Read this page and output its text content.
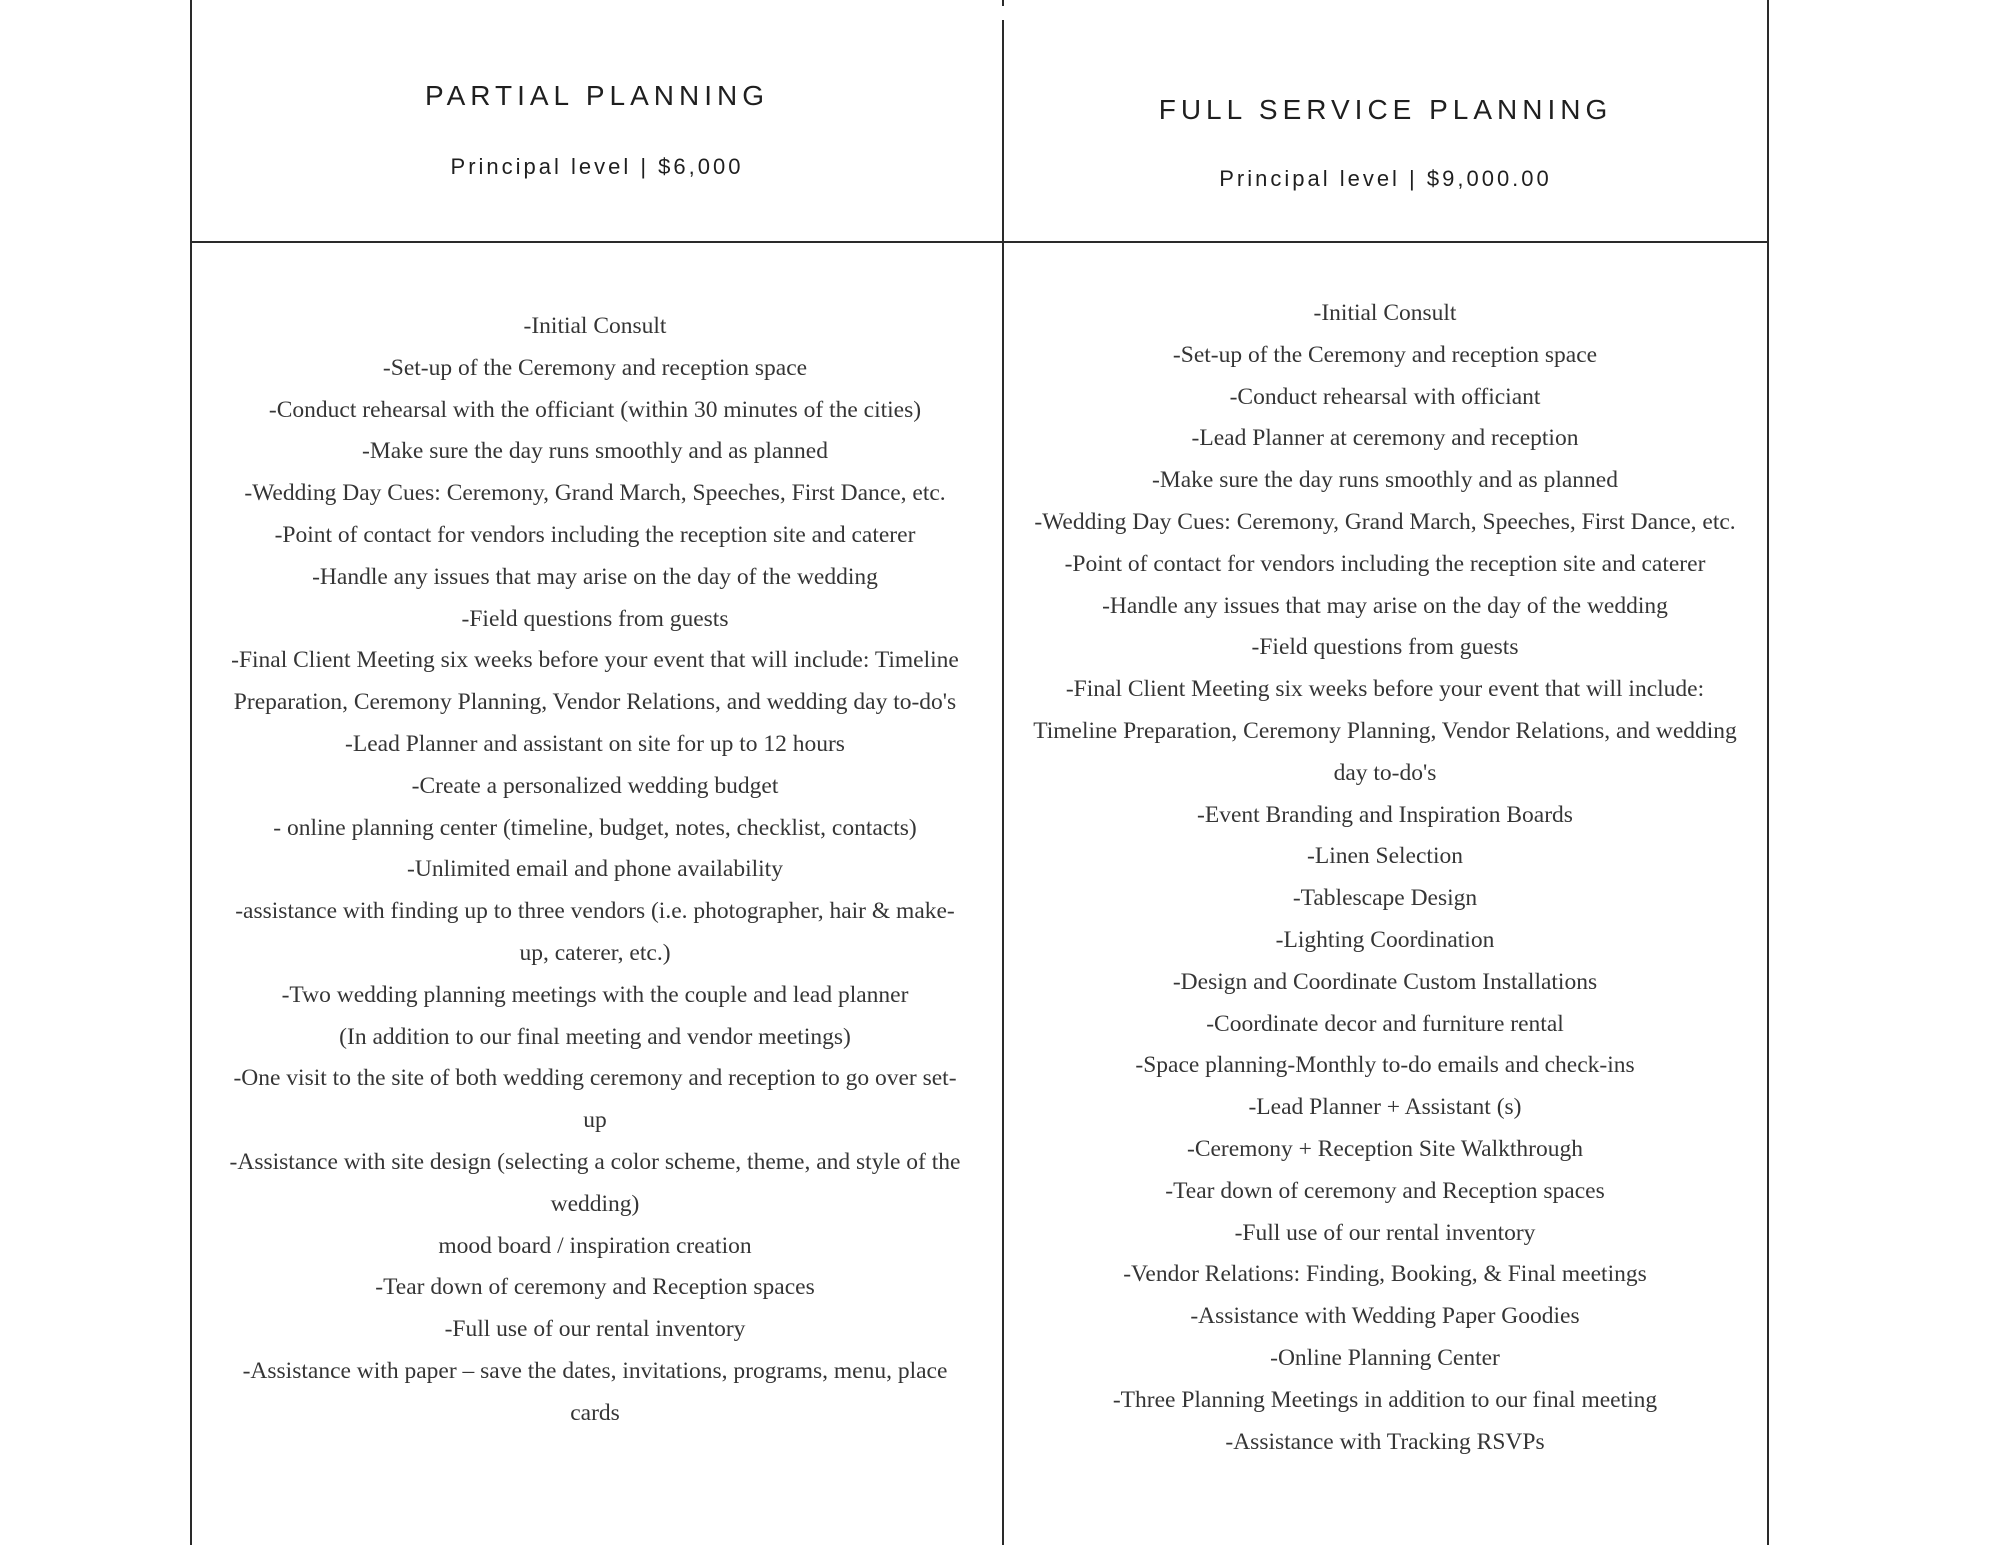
PARTIAL PLANNING
Principal level | $6,000
FULL SERVICE PLANNING
Principal level | $9,000.00
-Initial Consult
-Set-up of the Ceremony and reception space
-Conduct rehearsal with the officiant (within 30 minutes of the cities)
-Make sure the day runs smoothly and as planned
-Wedding Day Cues: Ceremony, Grand March, Speeches, First Dance, etc.
-Point of contact for vendors including the reception site and caterer
-Handle any issues that may arise on the day of the wedding
-Field questions from guests
-Final Client Meeting six weeks before your event that will include: Timeline Preparation, Ceremony Planning, Vendor Relations, and wedding day to-do's
-Lead Planner and assistant on site for up to 12 hours
-Create a personalized wedding budget
- online planning center (timeline, budget, notes, checklist, contacts)
-Unlimited email and phone availability
-assistance with finding up to three vendors (i.e. photographer, hair & make-up, caterer, etc.)
-Two wedding planning meetings with the couple and lead planner
(In addition to our final meeting and vendor meetings)
-One visit to the site of both wedding ceremony and reception to go over set-up
-Assistance with site design (selecting a color scheme, theme, and style of the wedding)
mood board / inspiration creation
-Tear down of ceremony and Reception spaces
-Full use of our rental inventory
-Assistance with paper – save the dates, invitations, programs, menu, place cards
-Initial Consult
-Set-up of the Ceremony and reception space
-Conduct rehearsal with officiant
-Lead Planner at ceremony and reception
-Make sure the day runs smoothly and as planned
-Wedding Day Cues: Ceremony, Grand March, Speeches, First Dance, etc.
-Point of contact for vendors including the reception site and caterer
-Handle any issues that may arise on the day of the wedding
-Field questions from guests
-Final Client Meeting six weeks before your event that will include: Timeline Preparation, Ceremony Planning, Vendor Relations, and wedding day to-do's
-Event Branding and Inspiration Boards
-Linen Selection
-Tablescape Design
-Lighting Coordination
-Design and Coordinate Custom Installations
-Coordinate decor and furniture rental
-Space planning-Monthly to-do emails and check-ins
-Lead Planner + Assistant (s)
-Ceremony + Reception Site Walkthrough
-Tear down of ceremony and Reception spaces
-Full use of our rental inventory
-Vendor Relations: Finding, Booking, & Final meetings
-Assistance with Wedding Paper Goodies
-Online Planning Center
-Three Planning Meetings in addition to our final meeting
-Assistance with Tracking RSVPs
